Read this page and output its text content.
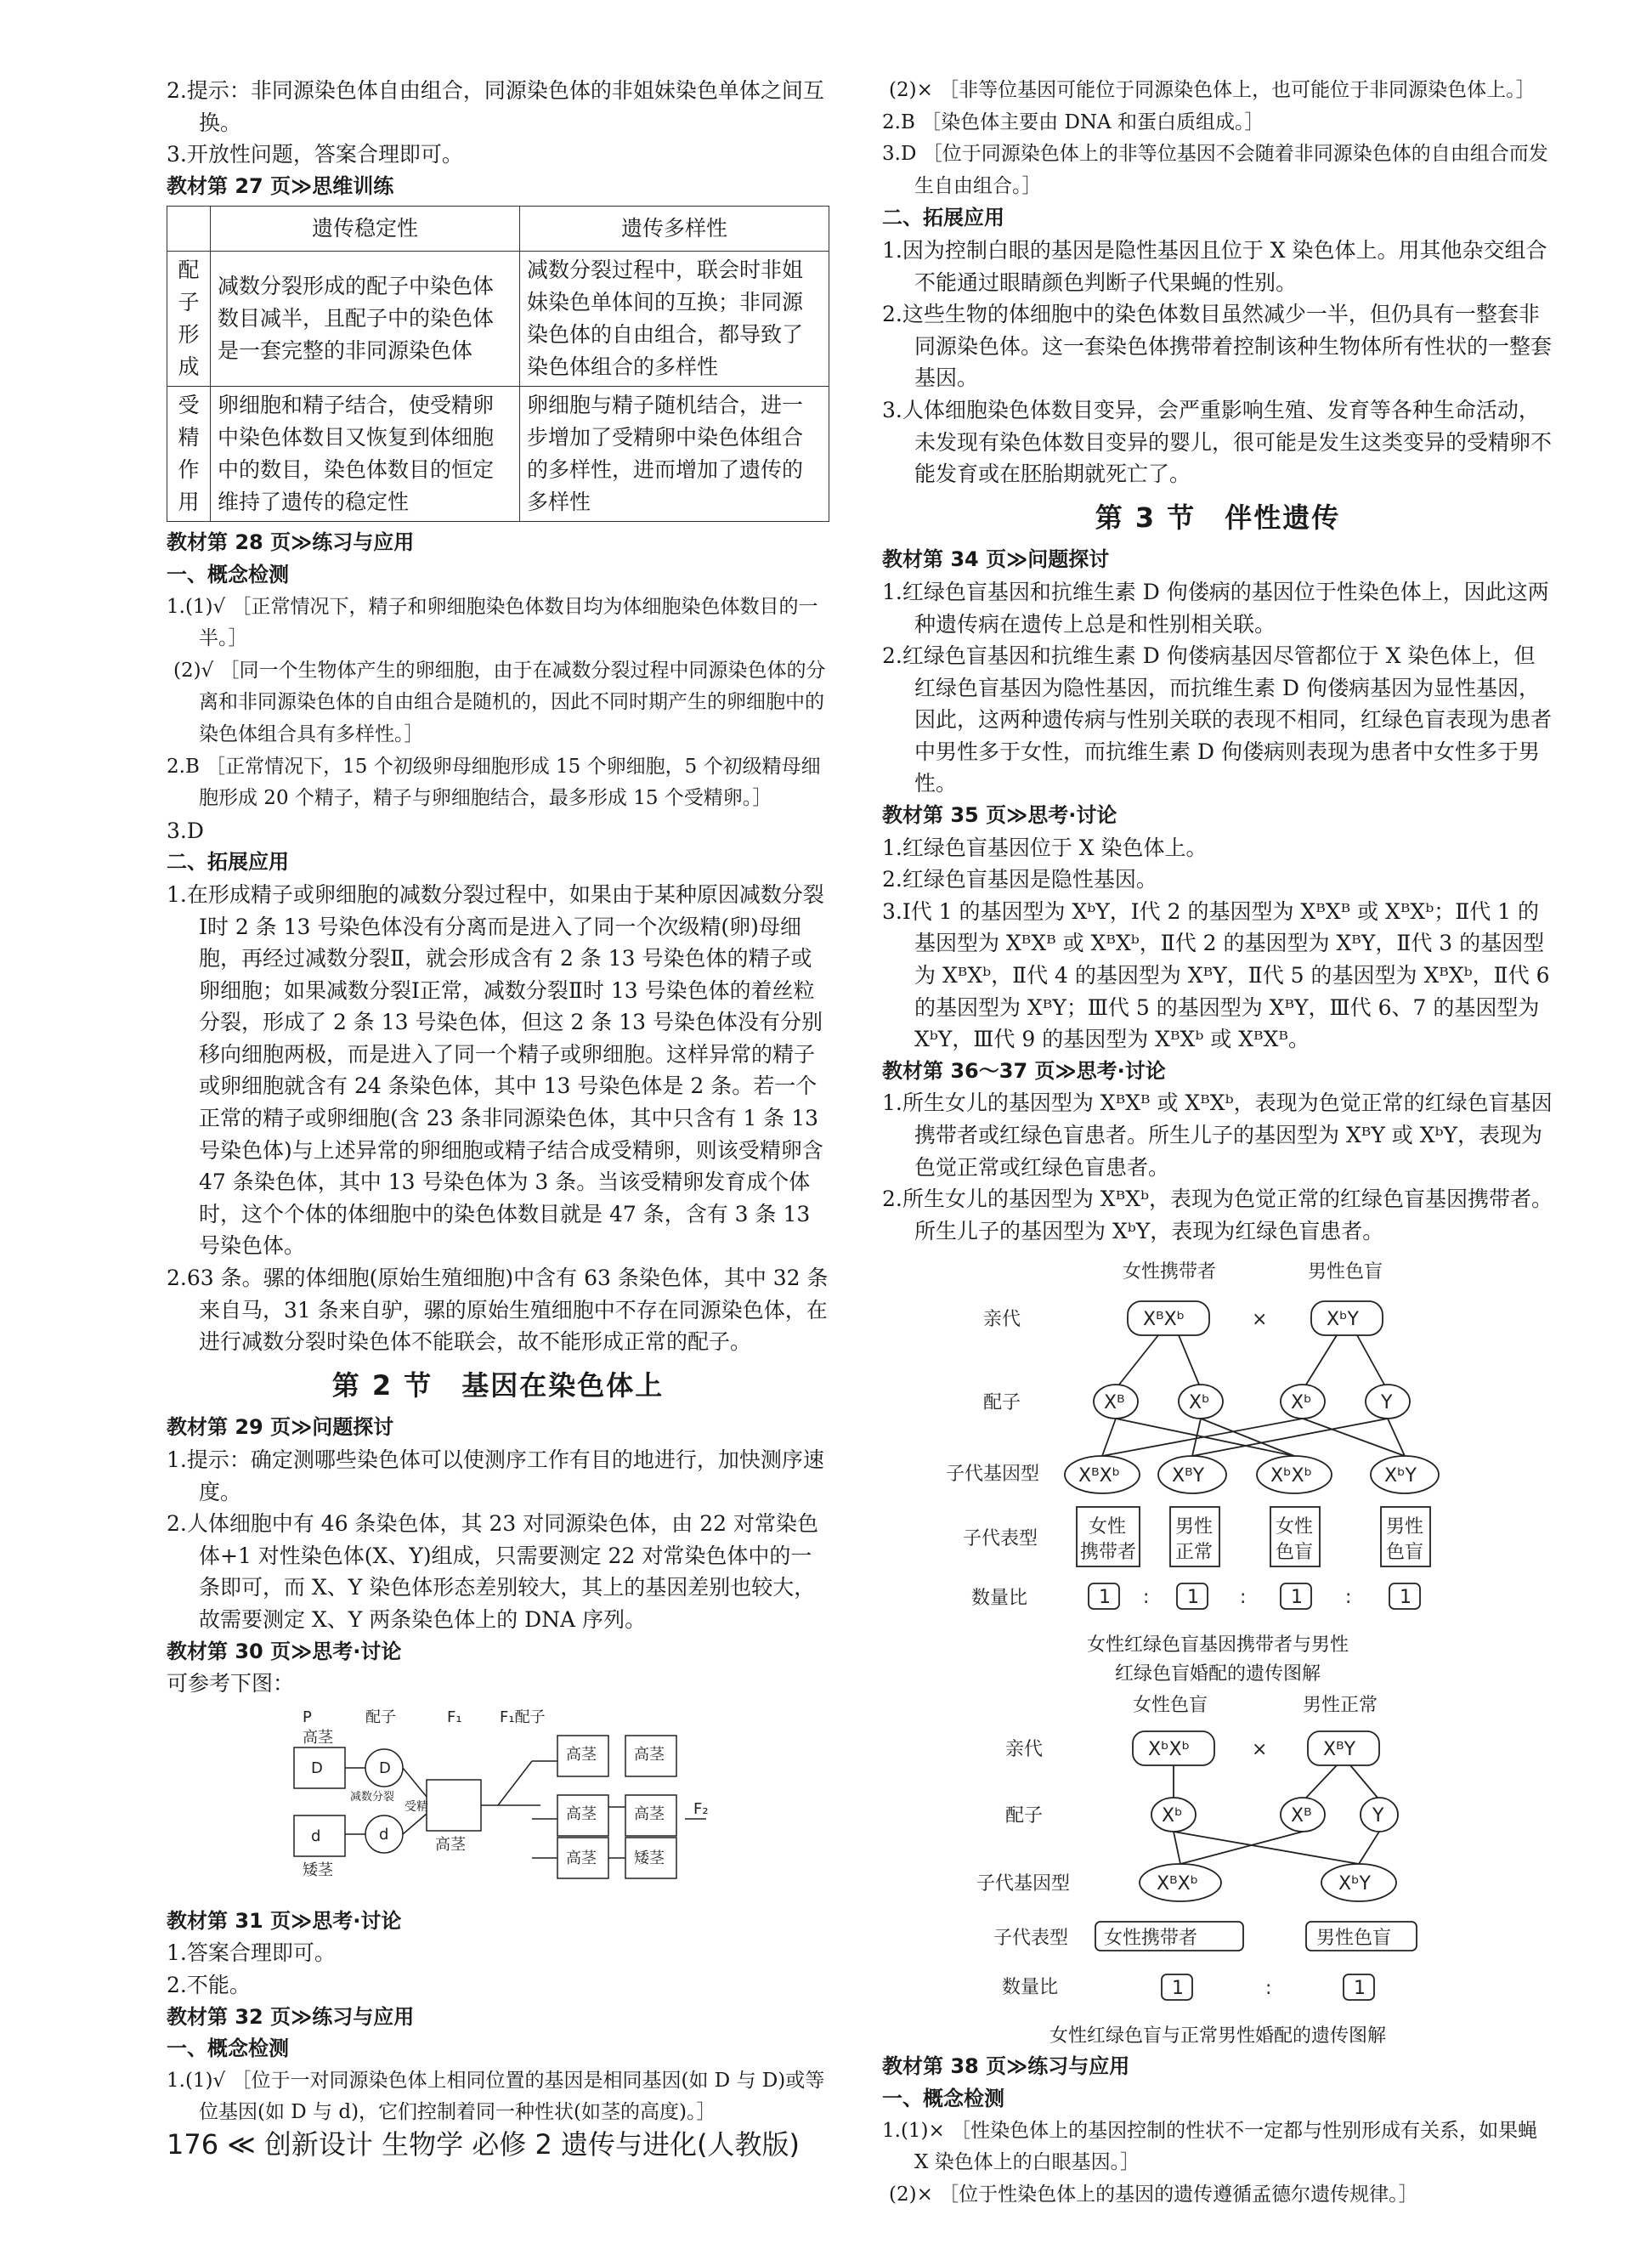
2.提示：非同源染色体自由组合，同源染色体的非姐妹染色单体之间互换。

3.开放性问题，答案合理即可。

教材第 27 页≫思维训练

	遗传稳定性	遗传多样性
配子形成	减数分裂形成的配子中染色体数目减半，且配子中的染色体是一套完整的非同源染色体	减数分裂过程中，联会时非姐妹染色单体间的互换；非同源染色体的自由组合，都导致了染色体组合的多样性
受精作用	卵细胞和精子结合，使受精卵中染色体数目又恢复到体细胞中的数目，染色体数目的恒定维持了遗传的稳定性	卵细胞与精子随机结合，进一步增加了受精卵中染色体组合的多样性，进而增加了遗传的多样性

教材第 28 页≫练习与应用

一、概念检测

1.(1)√ ［正常情况下，精子和卵细胞染色体数目均为体细胞染色体数目的一半。］

(2)√ ［同一个生物体产生的卵细胞，由于在减数分裂过程中同源染色体的分离和非同源染色体的自由组合是随机的，因此不同时期产生的卵细胞中的染色体组合具有多样性。］

2.B ［正常情况下，15 个初级卵母细胞形成 15 个卵细胞，5 个初级精母细胞形成 20 个精子，精子与卵细胞结合，最多形成 15 个受精卵。］

3.D

二、拓展应用

1.在形成精子或卵细胞的减数分裂过程中，如果由于某种原因减数分裂Ⅰ时 2 条 13 号染色体没有分离而是进入了同一个次级精(卵)母细胞，再经过减数分裂Ⅱ，就会形成含有 2 条 13 号染色体的精子或卵细胞；如果减数分裂Ⅰ正常，减数分裂Ⅱ时 13 号染色体的着丝粒分裂，形成了 2 条 13 号染色体，但这 2 条 13 号染色体没有分别移向细胞两极，而是进入了同一个精子或卵细胞。这样异常的精子或卵细胞就含有 24 条染色体，其中 13 号染色体是 2 条。若一个正常的精子或卵细胞(含 23 条非同源染色体，其中只含有 1 条 13 号染色体)与上述异常的卵细胞或精子结合成受精卵，则该受精卵含 47 条染色体，其中 13 号染色体为 3 条。当该受精卵发育成个体时，这个个体的体细胞中的染色体数目就是 47 条，含有 3 条 13 号染色体。

2.63 条。骡的体细胞(原始生殖细胞)中含有 63 条染色体，其中 32 条来自马，31 条来自驴，骡的原始生殖细胞中不存在同源染色体，在进行减数分裂时染色体不能联会，故不能形成正常的配子。

第 2 节　基因在染色体上

教材第 29 页≫问题探讨

1.提示：确定测哪些染色体可以使测序工作有目的地进行，加快测序速度。

2.人体细胞中有 46 条染色体，其 23 对同源染色体，由 22 对常染色体+1 对性染色体(X、Y)组成，只需要测定 22 对常染色体中的一条即可，而 X、Y 染色体形态差别较大，其上的基因差别也较大，故需要测定 X、Y 两条染色体上的 DNA 序列。

教材第 30 页≫思考·讨论

可参考下图：

P	配子	F₁ F₁配子
高茎
矮茎
减数分裂
受精
高茎
高茎 高茎
高茎 高茎
高茎 矮茎
F₂
D
d
D
d

教材第 31 页≫思考·讨论

1.答案合理即可。

2.不能。

教材第 32 页≫练习与应用

一、概念检测

1.(1)√ ［位于一对同源染色体上相同位置的基因是相同基因(如 D 与 D)或等位基因(如 D 与 d)，它们控制着同一种性状(如茎的高度)。］

(2)× ［非等位基因可能位于同源染色体上，也可能位于非同源染色体上。］

2.B ［染色体主要由 DNA 和蛋白质组成。］

3.D ［位于同源染色体上的非等位基因不会随着非同源染色体的自由组合而发生自由组合。］

二、拓展应用

1.因为控制白眼的基因是隐性基因且位于 X 染色体上。用其他杂交组合不能通过眼睛颜色判断子代果蝇的性别。

2.这些生物的体细胞中的染色体数目虽然减少一半，但仍具有一整套非同源染色体。这一套染色体携带着控制该种生物体所有性状的一整套基因。

3.人体细胞染色体数目变异，会严重影响生殖、发育等各种生命活动，未发现有染色体数目变异的婴儿，很可能是发生这类变异的受精卵不能发育或在胚胎期就死亡了。

第 3 节　伴性遗传

教材第 34 页≫问题探讨

1.红绿色盲基因和抗维生素 D 佝偻病的基因位于性染色体上，因此这两种遗传病在遗传上总是和性别相关联。

2.红绿色盲基因和抗维生素 D 佝偻病基因尽管都位于 X 染色体上，但红绿色盲基因为隐性基因，而抗维生素 D 佝偻病基因为显性基因，因此，这两种遗传病与性别关联的表现不相同，红绿色盲表现为患者中男性多于女性，而抗维生素 D 佝偻病则表现为患者中女性多于男性。

教材第 35 页≫思考·讨论

1.红绿色盲基因位于 X 染色体上。

2.红绿色盲基因是隐性基因。

3.Ⅰ代 1 的基因型为 XᵇY，Ⅰ代 2 的基因型为 XᴮXᴮ 或 XᴮXᵇ；Ⅱ代 1 的基因型为 XᴮXᴮ 或 XᴮXᵇ，Ⅱ代 2 的基因型为 XᴮY，Ⅱ代 3 的基因型为 XᴮXᵇ，Ⅱ代 4 的基因型为 XᴮY，Ⅱ代 5 的基因型为 XᴮXᵇ，Ⅱ代 6 的基因型为 XᴮY；Ⅲ代 5 的基因型为 XᴮY，Ⅲ代 6、7 的基因型为 XᵇY，Ⅲ代 9 的基因型为 XᴮXᵇ 或 XᴮXᴮ。

教材第 36～37 页≫思考·讨论

1.所生女儿的基因型为 XᴮXᴮ 或 XᴮXᵇ，表现为色觉正常的红绿色盲基因携带者或红绿色盲患者。所生儿子的基因型为 XᴮY 或 XᵇY，表现为色觉正常或红绿色盲患者。

2.所生女儿的基因型为 XᴮXᵇ，表现为色觉正常的红绿色盲基因携带者。所生儿子的基因型为 XᵇY，表现为红绿色盲患者。

女性携带者	男性色盲
亲代
配子
子代基因型
子代表型
数量比
XᴮXᵇ	×	XᵇY
Xᴮ	Xᵇ	Xᵇ	Y
XᴮXᵇ	XᴮY	XᵇXᵇ	XᵇY
女性
携带者
男性
正常
女性
色盲
男性
色盲
1 : 1 : 1 :	1

女性红绿色盲基因携带者与男性

红绿色盲婚配的遗传图解

女性色盲	男性正常
亲代
配子
子代基因型
子代表型
数量比
XᵇXᵇ	×	XᴮY
Xᵇ	Xᴮ	Y
XᴮXᵇ	XᵇY
女性携带者	男性色盲
1	:	1

女性红绿色盲与正常男性婚配的遗传图解

教材第 38 页≫练习与应用

一、概念检测

1.(1)× ［性染色体上的基因控制的性状不一定都与性别形成有关系，如果蝇 X 染色体上的白眼基因。］

(2)× ［位于性染色体上的基因的遗传遵循孟德尔遗传规律。］

176 ≪ 创新设计 生物学 必修 2 遗传与进化(人教版)
